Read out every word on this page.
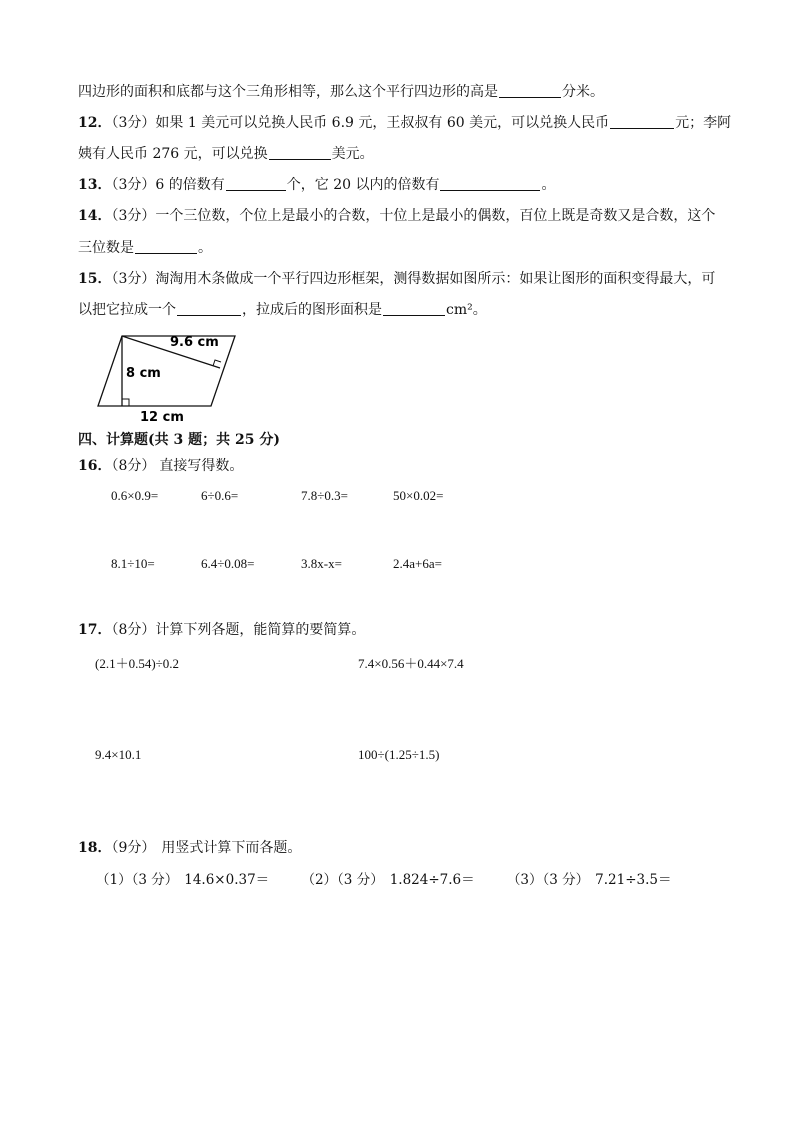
四边形的面积和底都与这个三角形相等，那么这个平行四边形的高是	分米。
12．（3分）如果 1 美元可以兑换人民币 6.9 元，王叔叔有 60 美元，可以兑换人民币	元；李阿
姨有人民币 276 元，可以兑换	美元。
13．（3分）6 的倍数有	个，它 20 以内的倍数有	。
14．（3分）一个三位数，个位上是最小的合数，十位上是最小的偶数，百位上既是奇数又是合数，这个
三位数是	。
15．（3分）淘淘用木条做成一个平行四边形框架，测得数据如图所示：如果让图形的面积变得最大，可
以把它拉成一个	，拉成后的图形面积是	cm²。
9.6 cm
8 cm
12 cm
四、计算题(共 3 题；共 25 分)
16．（8分） 直接写得数。
0.6×0.9=	6÷0.6=	7.8÷0.3=	50×0.02=
8.1÷10=	6.4÷0.08=	3.8x-x=	2.4a+6a=
17．（8分）计算下列各题，能简算的要简算。
(2.1＋0.54)÷0.2	7.4×0.56＋0.44×7.4
9.4×10.1	100÷(1.25÷1.5)
18．（9分） 用竖式计算下而各题。
（1）（3 分） 14.6×0.37＝ （2）（3 分） 1.824÷7.6＝ （3）（3 分） 7.21÷3.5＝
